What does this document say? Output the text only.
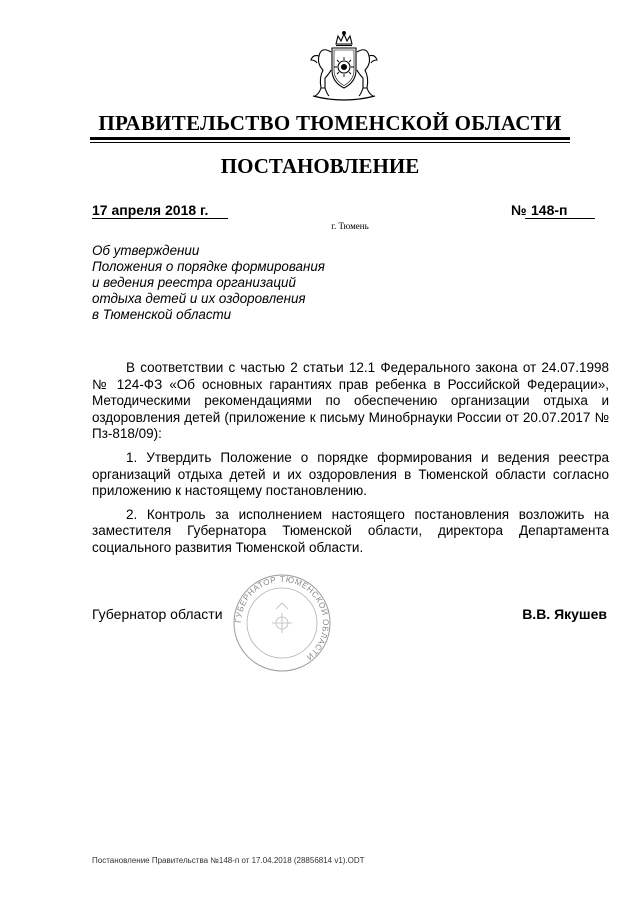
ПРАВИТЕЛЬСТВО ТЮМЕНСКОЙ ОБЛАСТИ
ПОСТАНОВЛЕНИЕ
17 апреля 2018 г.	№ 148-п
г. Тюмень
Об утверждении
Положения о порядке формирования
и ведения реестра организаций
отдыха детей и их оздоровления
в Тюменской области

В соответствии с частью 2 статьи 12.1 Федерального закона от 24.07.1998 № 124-ФЗ «Об основных гарантиях прав ребенка в Российской Федерации», Методическими рекомендациями по обеспечению организации отдыха и оздоровления детей (приложение к письму Минобрнауки России от 20.07.2017 № Пз-818/09):

1. Утвердить Положение о порядке формирования и ведения реестра организаций отдыха детей и их оздоровления в Тюменской области согласно приложению к настоящему постановлению.

2. Контроль за исполнением настоящего постановления возложить на заместителя Губернатора Тюменской области, директора Департамента социального развития Тюменской области.

ГУБЕРНАТОР ТЮМЕНСКОЙ ОБЛАСТИ
Губернатор области	В.В. Якушев
Постановление Правительства №148-п от 17.04.2018 (28856814 v1).ODT
